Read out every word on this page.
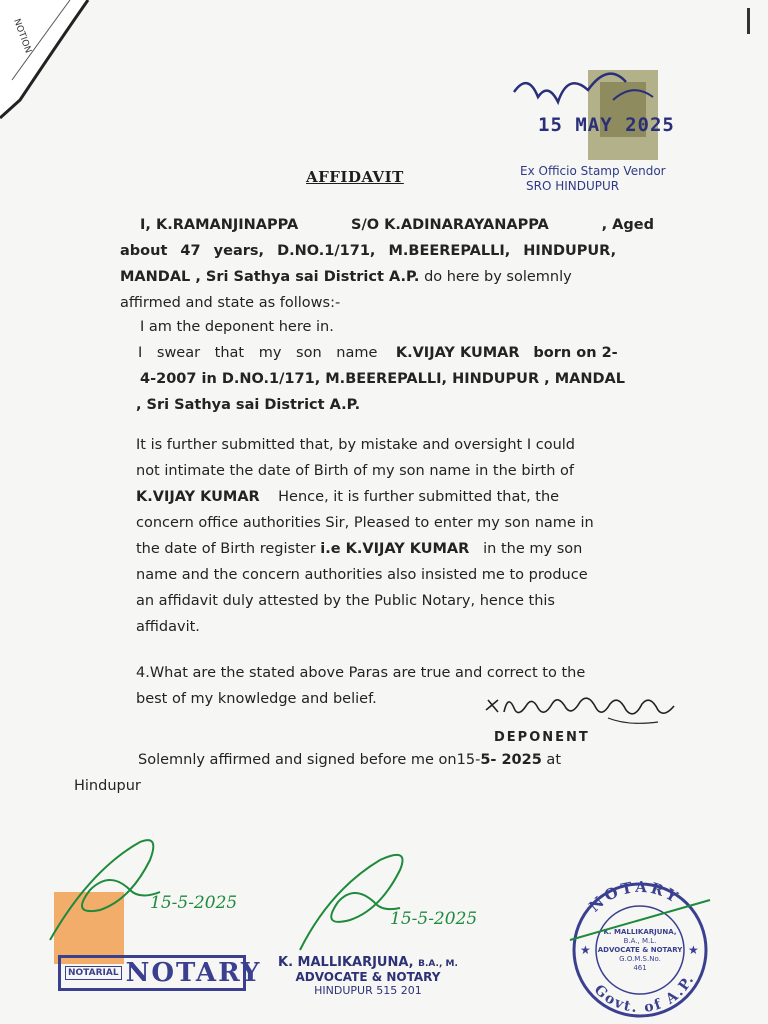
NOTION
15 MAY 2025
Ex Officio Stamp Vendor
SRO HINDUPUR
AFFIDAVIT
I, K.RAMANJINAPPA	S/O K.ADINARAYANAPPA	, Aged
about 47 years, D.NO.1/171, M.BEEREPALLI, HINDUPUR,
MANDAL , Sri Sathya sai District A.P. do here by solemnly
affirmed and state as follows:-
I am the deponent here in.
I swear that my son name K.VIJAY KUMAR born on 2-
4-2007 in D.NO.1/171, M.BEEREPALLI, HINDUPUR , MANDAL
, Sri Sathya sai District A.P.
It is further submitted that, by mistake and oversight I could
not intimate the date of Birth of my son name in the birth of
K.VIJAY KUMAR Hence, it is further submitted that, the
concern office authorities Sir, Pleased to enter my son name in
the date of Birth register i.e K.VIJAY KUMAR in the my son
name and the concern authorities also insisted me to produce
an affidavit duly attested by the Public Notary, hence this
affidavit.
4.What are the stated above Paras are true and correct to the
best of my knowledge and belief.
DEPONENT
Solemnly affirmed and signed before me on15-5- 2025 at
Hindupur
NOTARIAL NOTARY
15-5-2025
15-5-2025
K. MALLIKARJUNA, B.A., M.
ADVOCATE & NOTARY
HINDUPUR 515 201
NOTARY
Govt. of A.P.
K. MALLIKARJUNA,
B.A., M.L.
ADVOCATE & NOTARY
G.O.M.S.No.
461
★	★
